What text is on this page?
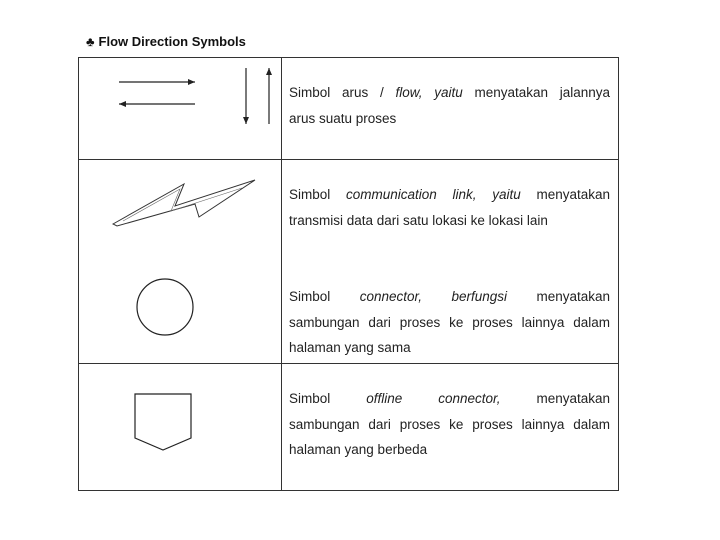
♣ Flow Direction Symbols
Simbol arus / flow, yaitu menyatakan jalannya
arus suatu proses
Simbol communication link, yaitu menyatakan
transmisi data dari satu lokasi ke lokasi lain
Simbol connector, berfungsi menyatakan
sambungan dari proses ke proses lainnya dalam
halaman yang sama
Simbol	offline	connector,	menyatakan
sambungan dari proses ke proses lainnya dalam
halaman yang berbeda
